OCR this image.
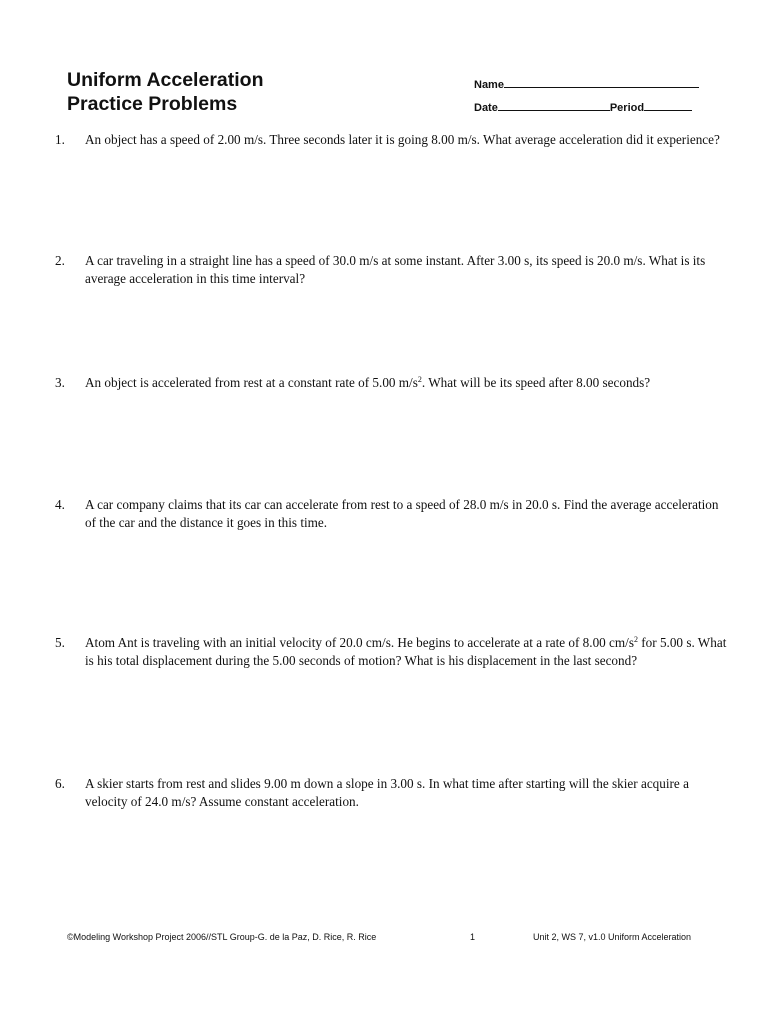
Uniform Acceleration
Practice Problems
Name
Date	Period
1. An object has a speed of 2.00 m/s. Three seconds later it is going 8.00 m/s. What average acceleration did it experience?
2. A car traveling in a straight line has a speed of 30.0 m/s at some instant. After 3.00 s, its speed is 20.0 m/s. What is its average acceleration in this time interval?
3. An object is accelerated from rest at a constant rate of 5.00 $m/s^2$. What will be its speed after 8.00 seconds?
4. A car company claims that its car can accelerate from rest to a speed of 28.0 m/s in 20.0 s. Find the average acceleration of the car and the distance it goes in this time.
5. Atom Ant is traveling with an initial velocity of 20.0 cm/s. He begins to accelerate at a rate of 8.00 $cm/s^2$ for 5.00 s. What is his total displacement during the 5.00 seconds of motion? What is his displacement in the last second?
6. A skier starts from rest and slides 9.00 m down a slope in 3.00 s. In what time after starting will the skier acquire a velocity of 24.0 m/s? Assume constant acceleration.
©Modeling Workshop Project 2006//STL Group-G. de la Paz, D. Rice, R. Rice	1	Unit 2, WS 7, v1.0 Uniform Acceleration
